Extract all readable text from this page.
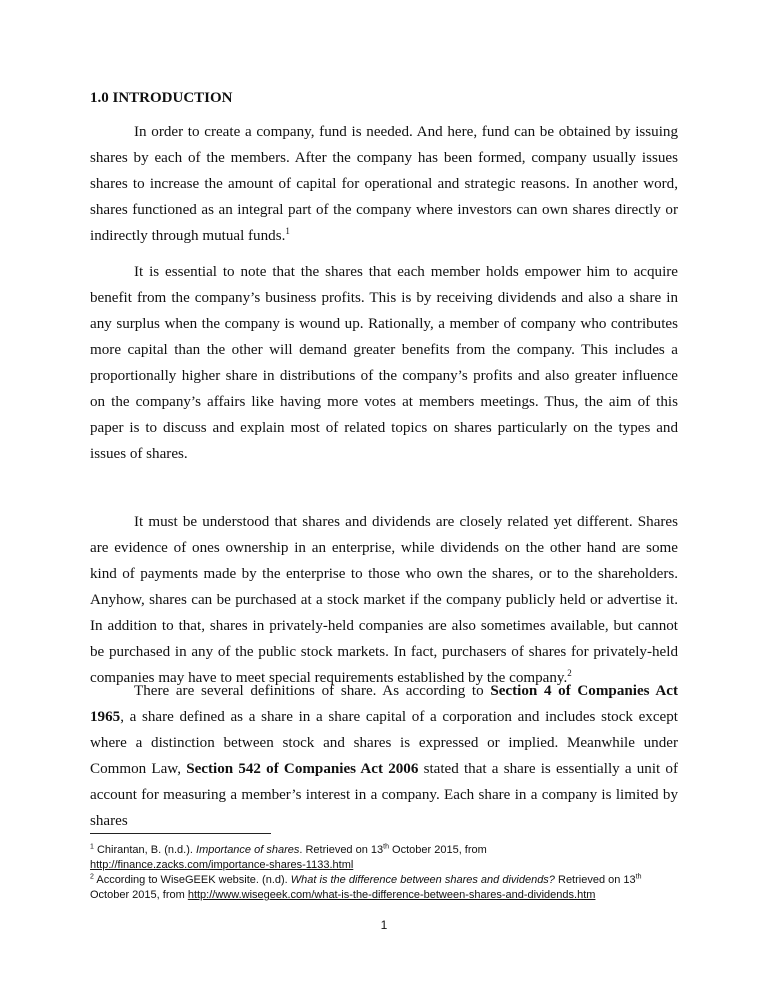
1.0 INTRODUCTION

In order to create a company, fund is needed. And here, fund can be obtained by issuing shares by each of the members. After the company has been formed, company usually issues shares to increase the amount of capital for operational and strategic reasons. In another word, shares functioned as an integral part of the company where investors can own shares directly or indirectly through mutual funds.$^1$

It is essential to note that the shares that each member holds empower him to acquire benefit from the company’s business profits. This is by receiving dividends and also a share in any surplus when the company is wound up. Rationally, a member of company who contributes more capital than the other will demand greater benefits from the company. This includes a proportionally higher share in distributions of the company’s profits and also greater influence on the company’s affairs like having more votes at members meetings. Thus, the aim of this paper is to discuss and explain most of related topics on shares particularly on the types and issues of shares.

It must be understood that shares and dividends are closely related yet different. Shares are evidence of ones ownership in an enterprise, while dividends on the other hand are some kind of payments made by the enterprise to those who own the shares, or to the shareholders. Anyhow, shares can be purchased at a stock market if the company publicly held or advertise it. In addition to that, shares in privately-held companies are also sometimes available, but cannot be purchased in any of the public stock markets. In fact, purchasers of shares for privately-held companies may have to meet special requirements established by the company.$^2$

There are several definitions of share. As according to Section 4 of Companies Act 1965, a share defined as a share in a share capital of a corporation and includes stock except where a distinction between stock and shares is expressed or implied. Meanwhile under Common Law, Section 542 of Companies Act 2006 stated that a share is essentially a unit of account for measuring a member’s interest in a company. Each share in a company is limited by shares

$^1$ Chirantan, B. (n.d.). Importance of shares. Retrieved on 13th October 2015, from
http://finance.zacks.com/importance-shares-1133.html
$^2$ According to WiseGEEK website. (n.d). What is the difference between shares and dividends? Retrieved on 13th
October 2015, from http://www.wisegeek.com/what-is-the-difference-between-shares-and-dividends.htm
1
